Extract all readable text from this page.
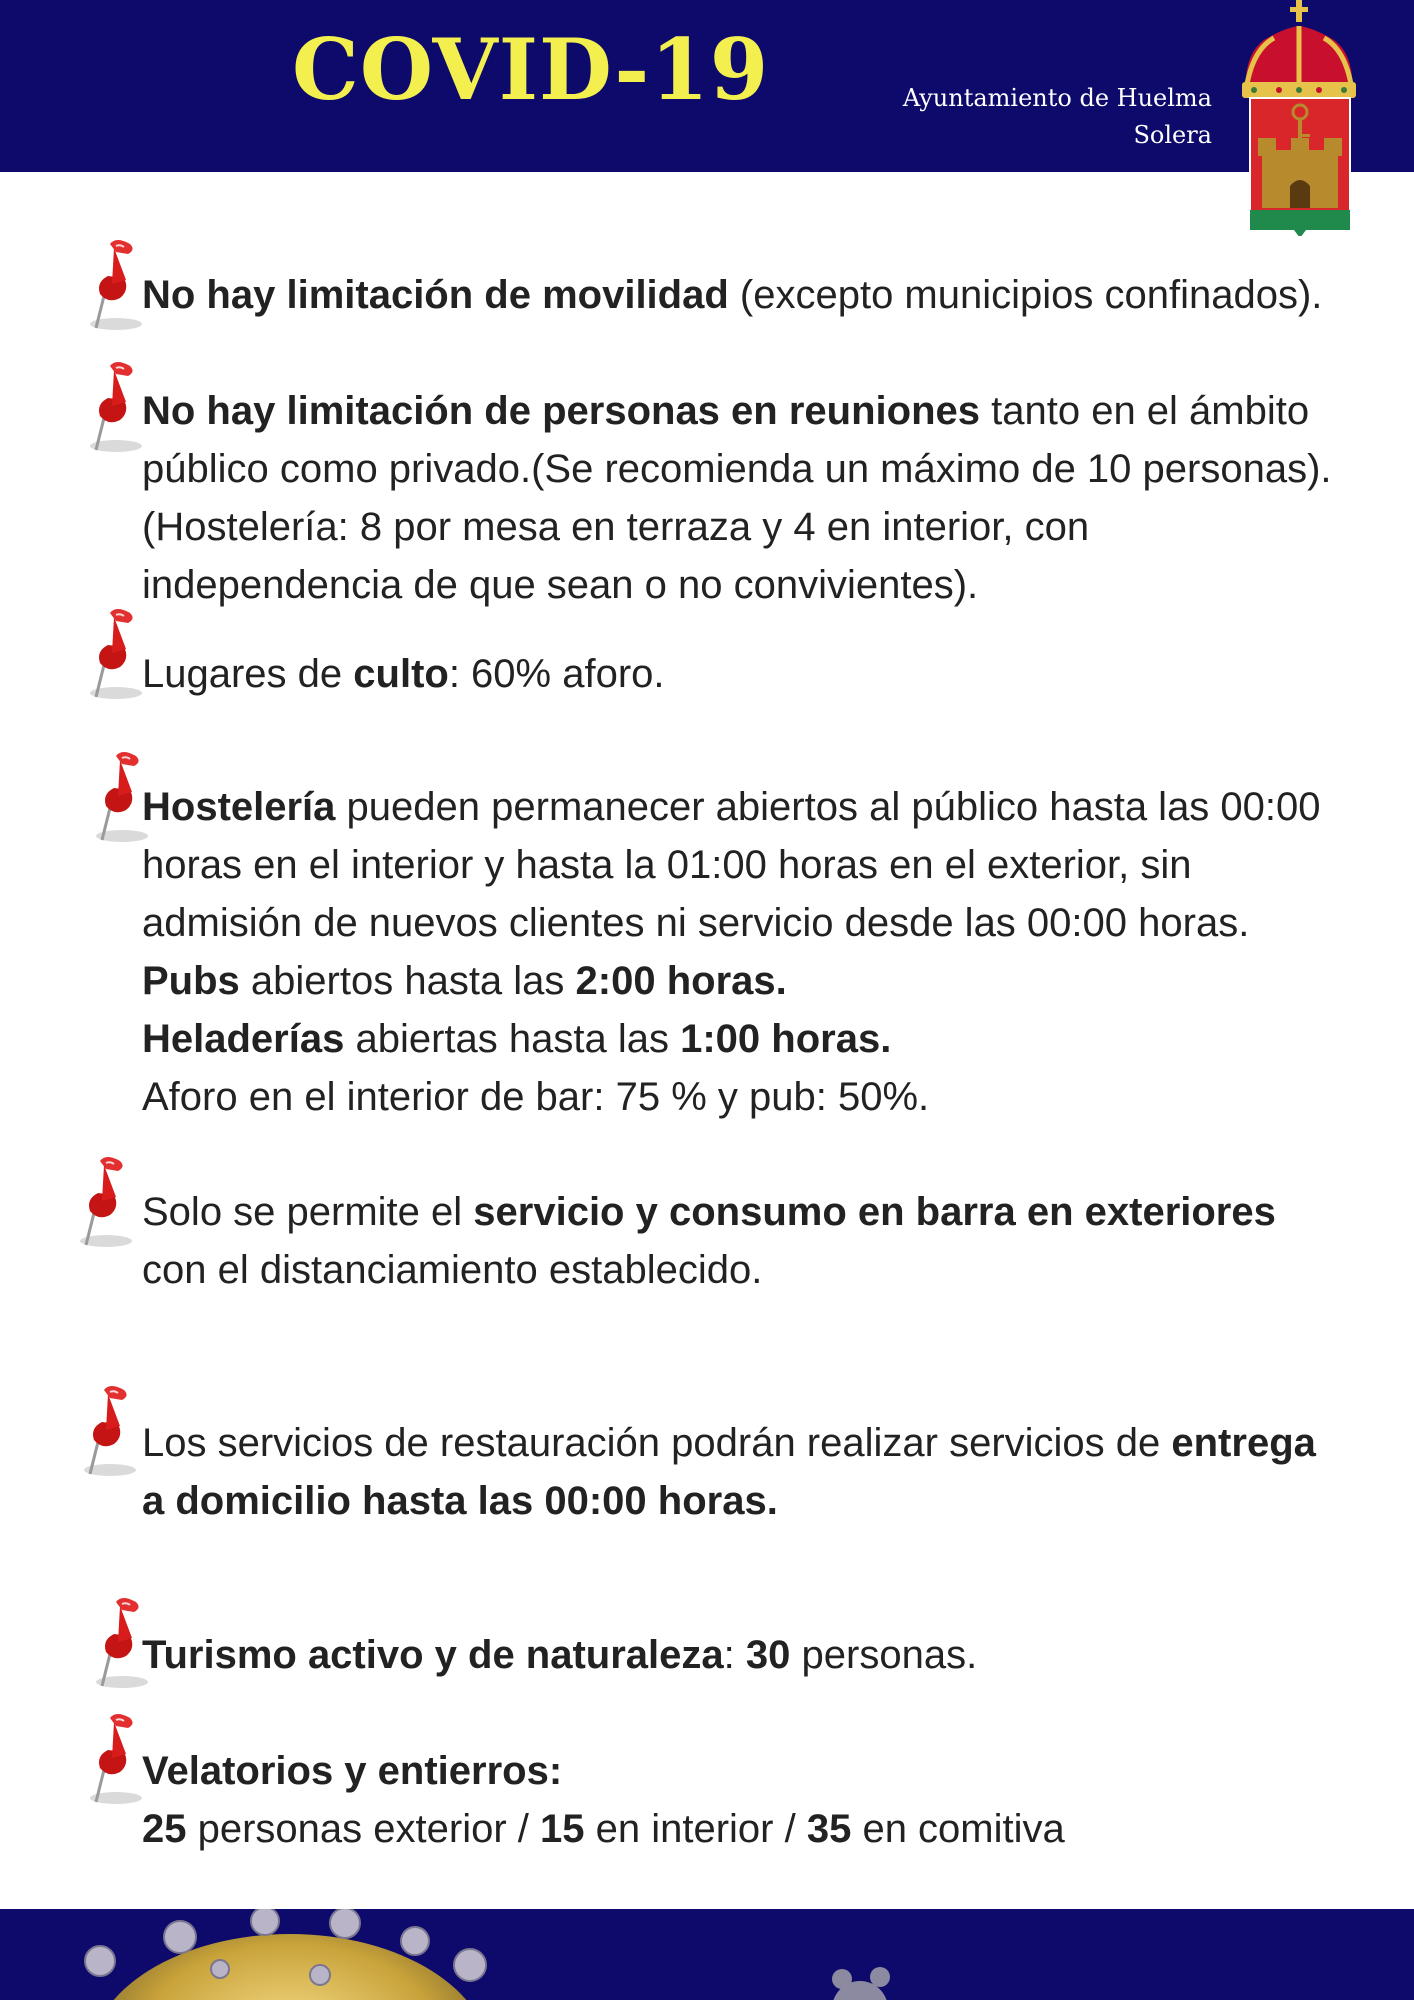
COVID-19	Ayuntamiento de Huelma
Solera
No hay limitación de movilidad (excepto municipios confinados).
No hay limitación de personas en reuniones tanto en el ámbito
público como privado.(Se recomienda un máximo de 10 personas).
(Hostelería: 8 por mesa en terraza y 4 en interior, con
independencia de que sean o no convivientes).
Lugares de culto: 60% aforo.
Hostelería pueden permanecer abiertos al público hasta las 00:00
horas en el interior y hasta la 01:00 horas en el exterior, sin
admisión de nuevos clientes ni servicio desde las 00:00 horas.
Pubs abiertos hasta las 2:00 horas.
Heladerías abiertas hasta las 1:00 horas.
Aforo en el interior de bar: 75 % y pub: 50%.
Solo se permite el servicio y consumo en barra en exteriores
con el distanciamiento establecido.
Los servicios de restauración podrán realizar servicios de entrega
a domicilio hasta las 00:00 horas.
Turismo activo y de naturaleza: 30 personas.
Velatorios y entierros:
25 personas exterior / 15 en interior / 35 en comitiva
